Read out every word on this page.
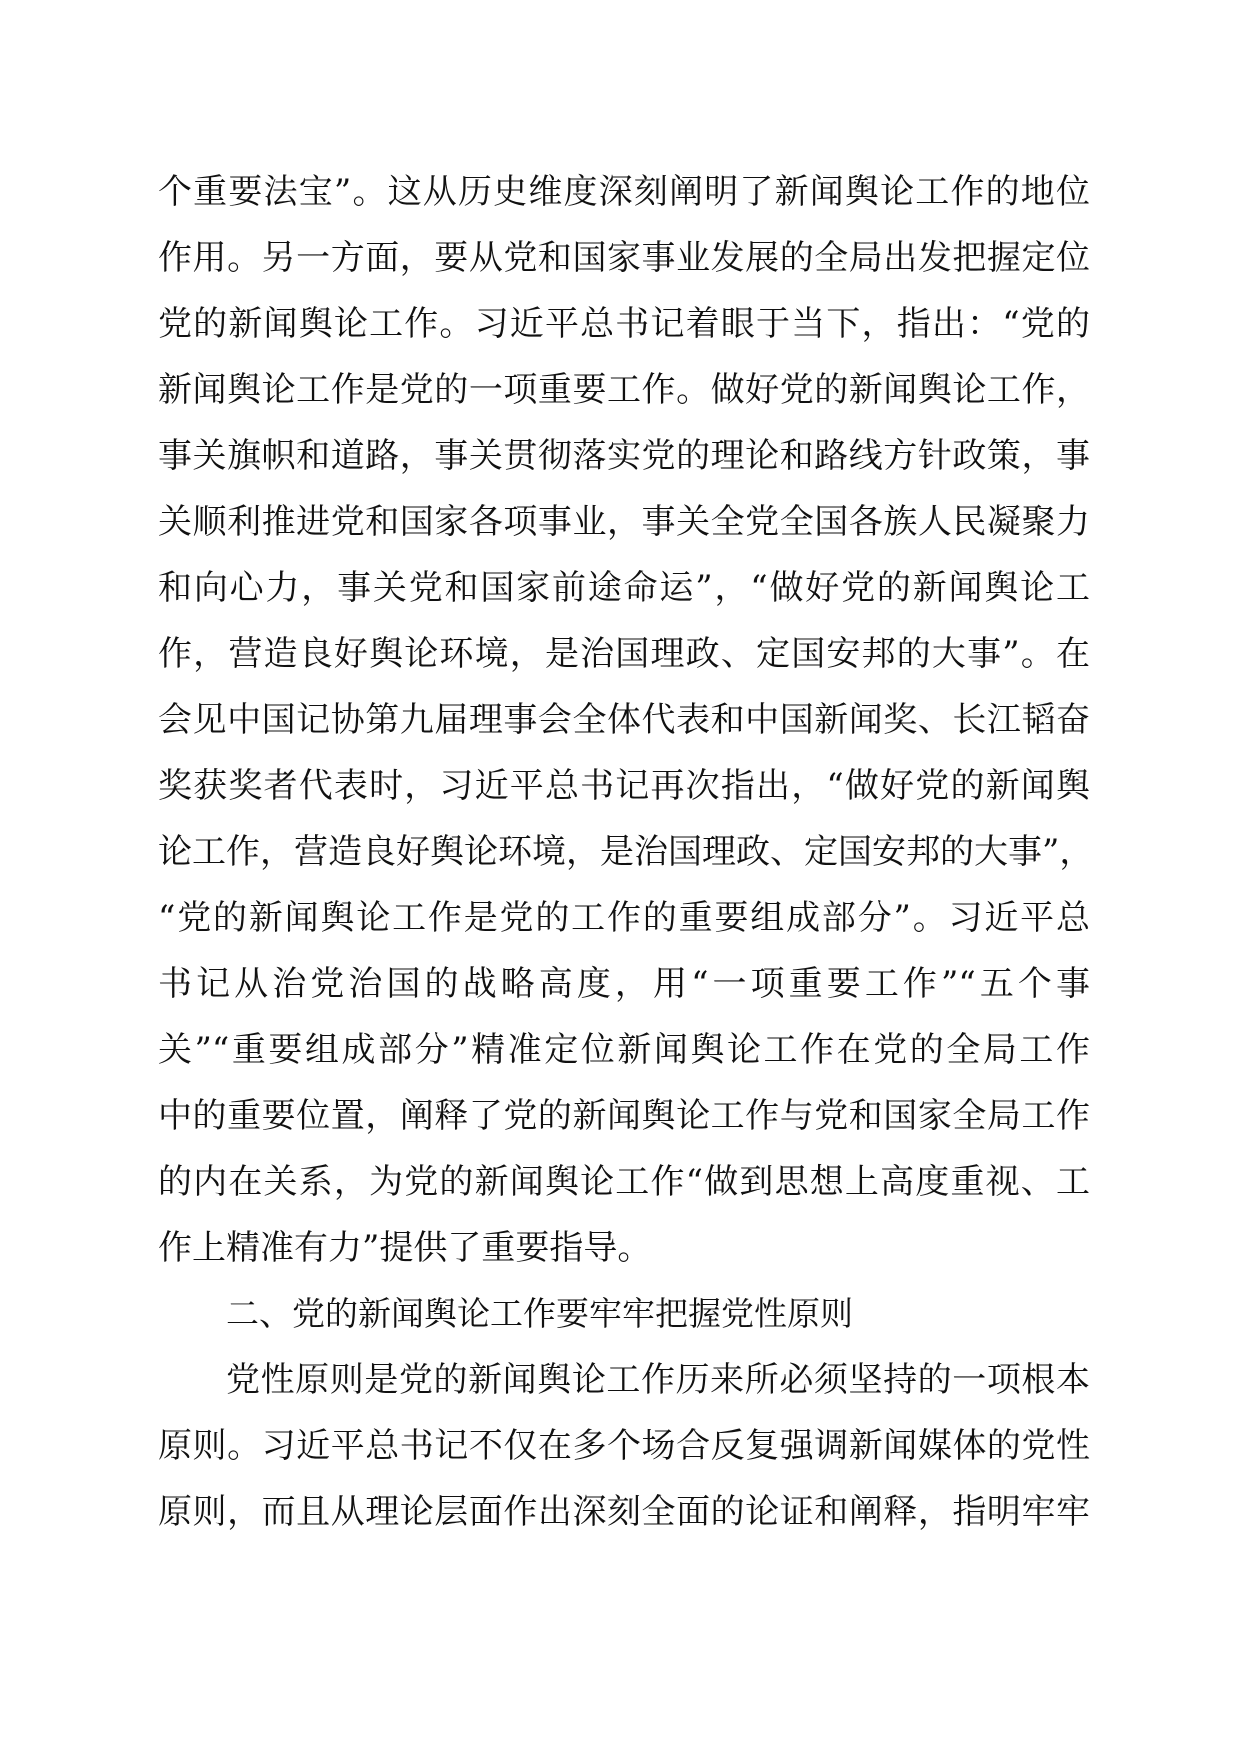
个重要法宝”。这从历史维度深刻阐明了新闻舆论工作的地位
作用。另一方面，要从党和国家事业发展的全局出发把握定位
党的新闻舆论工作。习近平总书记着眼于当下，指出：“党的
新闻舆论工作是党的一项重要工作。做好党的新闻舆论工作，
事关旗帜和道路，事关贯彻落实党的理论和路线方针政策，事
关顺利推进党和国家各项事业，事关全党全国各族人民凝聚力
和向心力，事关党和国家前途命运”，“做好党的新闻舆论工
作，营造良好舆论环境，是治国理政、定国安邦的大事”。在
会见中国记协第九届理事会全体代表和中国新闻奖、长江韬奋
奖获奖者代表时，习近平总书记再次指出，“做好党的新闻舆
论工作，营造良好舆论环境，是治国理政、定国安邦的大事”，
“党的新闻舆论工作是党的工作的重要组成部分”。习近平总
书记从治党治国的战略高度，用“一项重要工作”“五个事
关”“重要组成部分”精准定位新闻舆论工作在党的全局工作
中的重要位置，阐释了党的新闻舆论工作与党和国家全局工作
的内在关系，为党的新闻舆论工作“做到思想上高度重视、工
作上精准有力”提供了重要指导。
二、党的新闻舆论工作要牢牢把握党性原则
党性原则是党的新闻舆论工作历来所必须坚持的一项根本
原则。习近平总书记不仅在多个场合反复强调新闻媒体的党性
原则，而且从理论层面作出深刻全面的论证和阐释，指明牢牢
